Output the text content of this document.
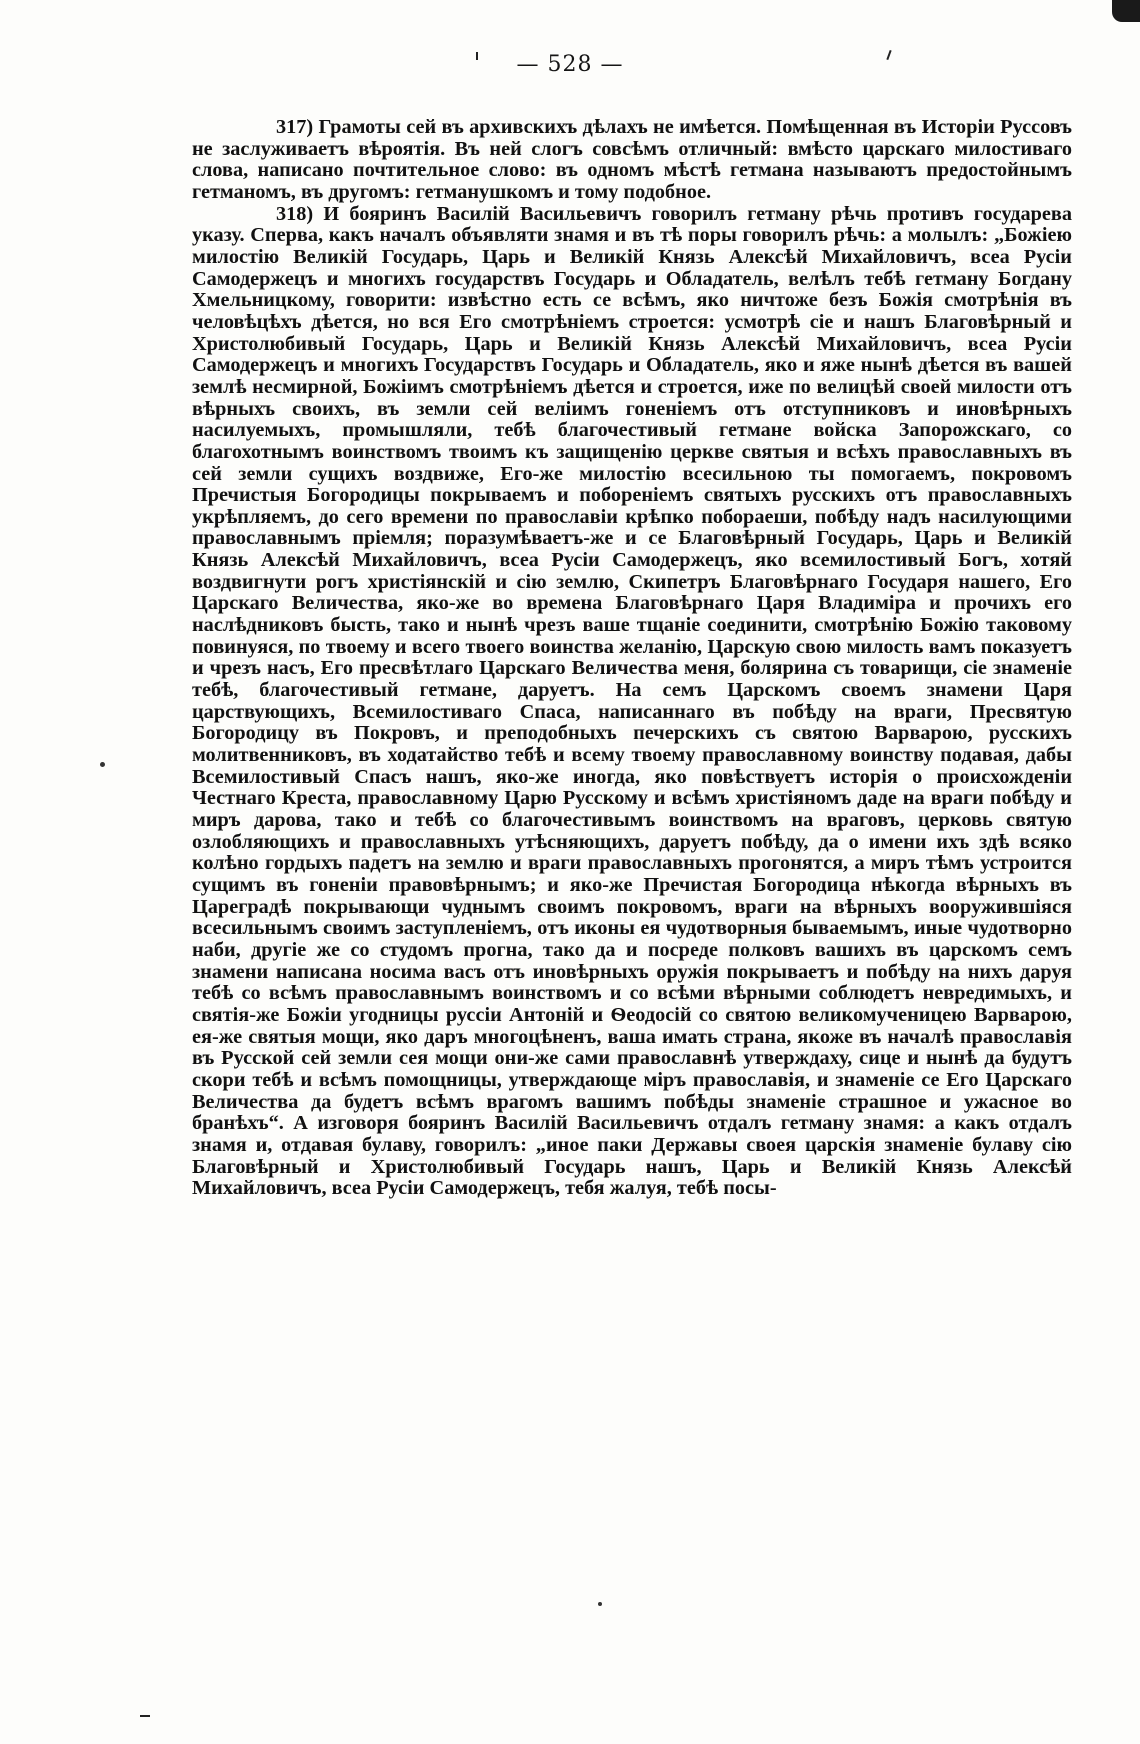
— 528 —

317) Грамоты сей въ архивскихъ дѣлахъ не имѣется. Помѣщенная въ Исторіи Руссовъ не заслуживаетъ вѣроятія. Въ ней слогъ совсѣмъ отличный: вмѣсто царскаго милостиваго слова, написано почтительное слово: въ одномъ мѣстѣ гетмана называютъ предостойнымъ гетманомъ, въ другомъ: гетманушкомъ и тому подобное.

318) И бояринъ Василій Васильевичъ говорилъ гетману рѣчь противъ государева указу. Сперва, какъ началъ объявляти знамя и въ тѣ поры говорилъ рѣчь: а молылъ: „Божіею милостію Великій Государь, Царь и Великій Князь Алексѣй Михайловичъ, всеа Русіи Самодержецъ и многихъ государствъ Государь и Обладатель, велѣлъ тебѣ гетману Богдану Хмельницкому, говорити: извѣстно есть се всѣмъ, яко ничтоже безъ Божія смотрѣнія въ человѣцѣхъ дѣется, но вся Его смотрѣніемъ строется: усмотрѣ сіе и нашъ Благовѣрный и Христолюбивый Государь, Царь и Великій Князь Алексѣй Михайловичъ, всеа Русіи Самодержецъ и многихъ Государствъ Государь и Обладатель, яко и яже нынѣ дѣется въ вашей землѣ несмирной, Божіимъ смотрѣніемъ дѣется и строется, иже по велицѣй своей милости отъ вѣрныхъ своихъ, въ земли сей веліимъ гоненіемъ отъ отступниковъ и иновѣрныхъ насилуемыхъ, промышляли, тебѣ благочестивый гетмане войска Запорожскаго, со благохотнымъ воинствомъ твоимъ къ защищенію церкве святыя и всѣхъ православныхъ въ сей земли сущихъ воздвиже, Его-же милостію всесильною ты помогаемъ, покровомъ Пречистыя Богородицы покрываемъ и побореніемъ святыхъ русскихъ отъ православныхъ укрѣпляемъ, до сего времени по православіи крѣпко побораеши, побѣду надъ насилующими православнымъ пріемля; поразумѣваетъ-же и се Благовѣрный Государь, Царь и Великій Князь Алексѣй Михайловичъ, всеа Русіи Самодержецъ, яко всемилостивый Богъ, хотяй воздвигнути рогъ христіянскій и сію землю, Скипетръ Благовѣрнаго Государя нашего, Его Царскаго Величества, яко-же во времена Благовѣрнаго Царя Владиміра и прочихъ его наслѣдниковъ бысть, тако и нынѣ чрезъ ваше тщаніе соединити, смотрѣнію Божію таковому повинуяся, по твоему и всего твоего воинства желанію, Царскую свою милость вамъ показуетъ и чрезъ насъ, Его пресвѣтлаго Царскаго Величества меня, болярина съ товарищи, сіе знаменіе тебѣ, благочестивый гетмане, даруетъ. На семъ Царскомъ своемъ знамени Царя царствующихъ, Всемилостиваго Спаса, написаннаго въ побѣду на враги, Пресвятую Богородицу въ Покровъ, и преподобныхъ печерскихъ съ святою Варварою, русскихъ молитвенниковъ, въ ходатайство тебѣ и всему твоему православному воинству подавая, дабы Всемилостивый Спасъ нашъ, яко-же иногда, яко повѣствуетъ исторія о происхожденіи Честнаго Креста, православному Царю Русскому и всѣмъ христіяномъ даде на враги побѣду и миръ дарова, тако и тебѣ со благочестивымъ воинствомъ на враговъ, церковь святую озлобляющихъ и православныхъ утѣсняющихъ, даруетъ побѣду, да о имени ихъ здѣ всяко колѣно гордыхъ падетъ на землю и враги православныхъ прогонятся, а миръ тѣмъ устроится сущимъ въ гоненіи правовѣрнымъ; и яко-же Пречистая Богородица нѣкогда вѣрныхъ въ Цареградѣ покрывающи чуднымъ своимъ покровомъ, враги на вѣрныхъ вооружившіяся всесильнымъ своимъ заступленіемъ, отъ иконы ея чудотворныя бываемымъ, иные чудотворно наби, другіе же со студомъ прогна, тако да и посреде полковъ вашихъ въ царскомъ семъ знамени написана носима васъ отъ иновѣрныхъ оружія покрываетъ и побѣду на нихъ даруя тебѣ со всѣмъ православнымъ воинствомъ и со всѣми вѣрными соблюдетъ невредимыхъ, и святія-же Божіи угодницы руссіи Антоній и Ѳеодосій со святою великомученицею Варварою, ея-же святыя мощи, яко даръ многоцѣненъ, ваша имать страна, якоже въ началѣ православія въ Русской сей земли сея мощи они-же сами православнѣ утверждаху, сице и нынѣ да будутъ скори тебѣ и всѣмъ помощницы, утверждающе міръ православія, и знаменіе се Его Царскаго Величества да будетъ всѣмъ врагомъ вашимъ побѣды знаменіе страшное и ужасное во бранѣхъ“. А изговоря бояринъ Василій Васильевичъ отдалъ гетману знамя: а какъ отдалъ знамя и, отдавая булаву, говорилъ: „иное паки Державы своея царскія знаменіе булаву сію Благовѣрный и Христолюбивый Государь нашъ, Царь и Великій Князь Алексѣй Михайловичъ, всеа Русіи Самодержецъ, тебя жалуя, тебѣ посы-
